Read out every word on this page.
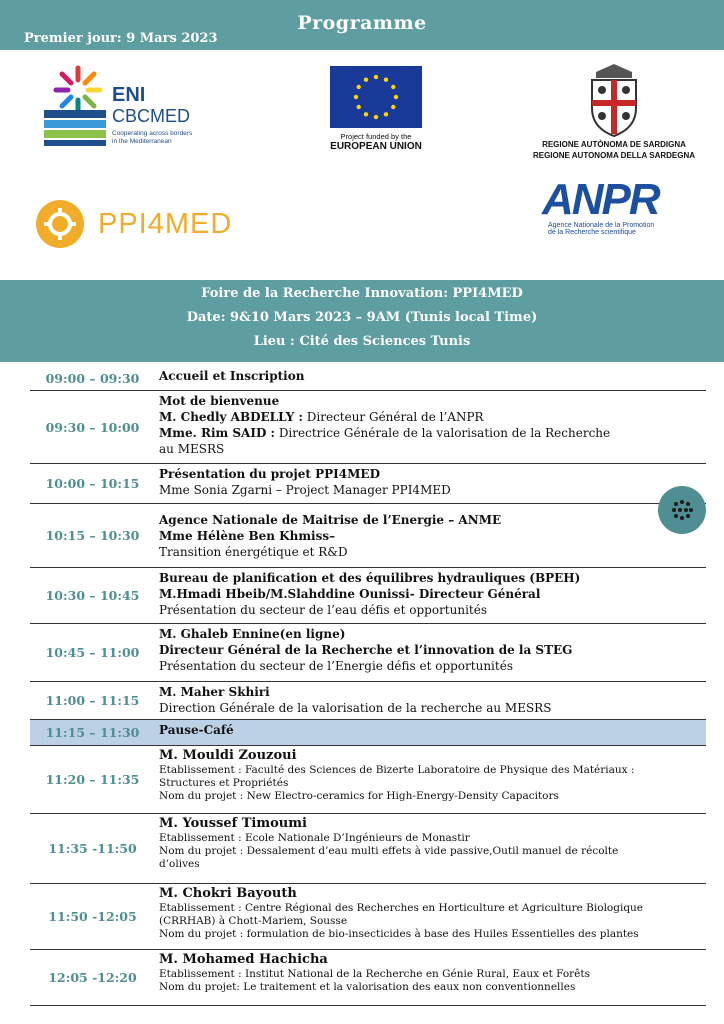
Programme
Premier jour: 9 Mars 2023
ENI
CBCMED
Cooperating across borders
in the Mediterranean
Project funded by the
EUROPEAN UNION	REGIONE AUTÒNOMA DE SARDIGNA
REGIONE AUTONOMA DELLA SARDEGNA
PPI4MED	ANPR
Agence Nationale de la Promotion
de la Recherche scientifique
Foire de la Recherche Innovation: PPI4MED
Date: 9&10 Mars 2023 – 9AM (Tunis local Time)
Lieu : Cité des Sciences Tunis
09:00 – 09:30	Accueil et Inscription
09:30 – 10:00
Mot de bienvenue
M. Chedly ABDELLY : Directeur Général de l’ANPR
Mme. Rim SAID : Directrice Générale de la valorisation de la Recherche
au MESRS
10:00 – 10:15
Présentation du projet PPI4MED
Mme Sonia Zgarni – Project Manager PPI4MED
10:15 – 10:30
Agence Nationale de Maitrise de l’Energie – ANME
Mme Hélène Ben Khmiss–
Transition énergétique et R&D
10:30 – 10:45
Bureau de planification et des équilibres hydrauliques (BPEH)
M.Hmadi Hbeib/M.Slahddine Ounissi- Directeur Général
Présentation du secteur de l’eau défis et opportunités
10:45 – 11:00
M. Ghaleb Ennine(en ligne)
Directeur Général de la Recherche et l’innovation de la STEG
Présentation du secteur de l’Energie défis et opportunités
11:00 – 11:15
M. Maher Skhiri
Direction Générale de la valorisation de la recherche au MESRS
11:15 – 11:30	Pause-Café
11:20 – 11:35
M. Mouldi Zouzoui
Etablissement : Faculté des Sciences de Bizerte Laboratoire de Physique des Matériaux :
Structures et Propriétés
Nom du projet : New Electro-ceramics for High-Energy-Density Capacitors
11:35 -11:50
M. Youssef Timoumi
Etablissement : Ecole Nationale D’Ingénieurs de Monastir
Nom du projet : Dessalement d’eau multi effets à vide passive,Outil manuel de récolte
d’olives
11:50 -12:05
M. Chokri Bayouth
Etablissement : Centre Régional des Recherches en Horticulture et Agriculture Biologique
(CRRHAB) à Chott-Mariem, Sousse
Nom du projet : formulation de bio-insecticides à base des Huiles Essentielles des plantes
12:05 -12:20
M. Mohamed Hachicha
Etablissement : Institut National de la Recherche en Génie Rural, Eaux et Forêts
Nom du projet: Le traitement et la valorisation des eaux non conventionnelles
